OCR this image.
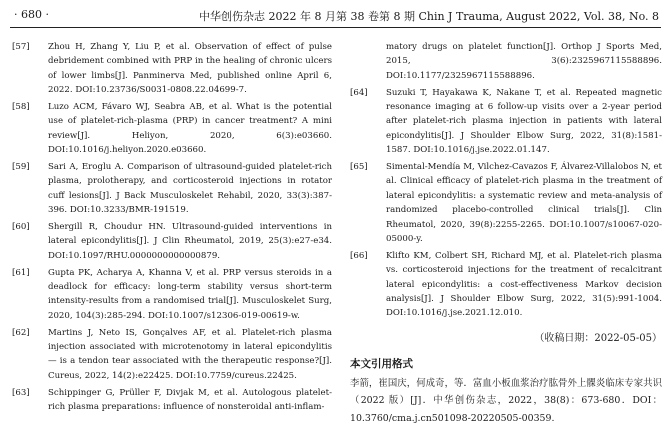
· 680 ·	中华创伤杂志 2022 年 8 月第 38 卷第 8 期 Chin J Trauma, August 2022, Vol. 38, No. 8
[57] Zhou H, Zhang Y, Liu P, et al. Observation of effect of pulse debridement combined with PRP in the healing of chronic ulcers of lower limbs[J]. Panminerva Med, published online April 6, 2022. DOI:10.23736/S0031-0808.22.04699-7.
[58] Luzo ACM, Fávaro WJ, Seabra AB, et al. What is the potential use of platelet-rich-plasma (PRP) in cancer treatment? A mini review[J]. Heliyon, 2020, 6(3):e03660. DOI:10.1016/j.heliyon.2020.e03660.
[59] Sari A, Eroglu A. Comparison of ultrasound-guided platelet-rich plasma, prolotherapy, and corticosteroid injections in rotator cuff lesions[J]. J Back Musculoskelet Rehabil, 2020, 33(3):387-396. DOI:10.3233/BMR-191519.
[60] Shergill R, Choudur HN. Ultrasound-guided interventions in lateral epicondylitis[J]. J Clin Rheumatol, 2019, 25(3):e27-e34. DOI:10.1097/RHU.0000000000000879.
[61] Gupta PK, Acharya A, Khanna V, et al. PRP versus steroids in a deadlock for efficacy: long-term stability versus short-term intensity-results from a randomised trial[J]. Musculoskelet Surg, 2020, 104(3):285-294. DOI:10.1007/s12306-019-00619-w.
[62] Martins J, Neto IS, Gonçalves AF, et al. Platelet-rich plasma injection associated with microtenotomy in lateral epicondylitis — is a tendon tear associated with the therapeutic response?[J]. Cureus, 2022, 14(2):e22425. DOI:10.7759/cureus.22425.
[63] Schippinger G, Prüller F, Divjak M, et al. Autologous platelet-rich plasma preparations: influence of nonsteroidal anti-inflam-
matory drugs on platelet function[J]. Orthop J Sports Med, 2015, 3(6):2325967115588896. DOI:10.1177/2325967115588896.
[64] Suzuki T, Hayakawa K, Nakane T, et al. Repeated magnetic resonance imaging at 6 follow-up visits over a 2-year period after platelet-rich plasma injection in patients with lateral epicondylitis[J]. J Shoulder Elbow Surg, 2022, 31(8):1581-1587. DOI:10.1016/j.jse.2022.01.147.
[65] Simental-Mendía M, Vilchez-Cavazos F, Álvarez-Villalobos N, et al. Clinical efficacy of platelet-rich plasma in the treatment of lateral epicondylitis: a systematic review and meta-analysis of randomized placebo-controlled clinical trials[J]. Clin Rheumatol, 2020, 39(8):2255-2265. DOI:10.1007/s10067-020-05000-y.
[66] Klifto KM, Colbert SH, Richard MJ, et al. Platelet-rich plasma vs. corticosteroid injections for the treatment of recalcitrant lateral epicondylitis: a cost-effectiveness Markov decision analysis[J]. J Shoulder Elbow Surg, 2022, 31(5):991-1004. DOI:10.1016/j.jse.2021.12.010.
（收稿日期：2022-05-05）
本文引用格式
李箭，崔国庆，何成奇，等．富血小板血浆治疗肱骨外上髁炎临床专家共识（2022 版）[J]．中华创伤杂志，2022，38(8)：673-680．DOI：10.3760/cma.j.cn501098-20220505-00359.
